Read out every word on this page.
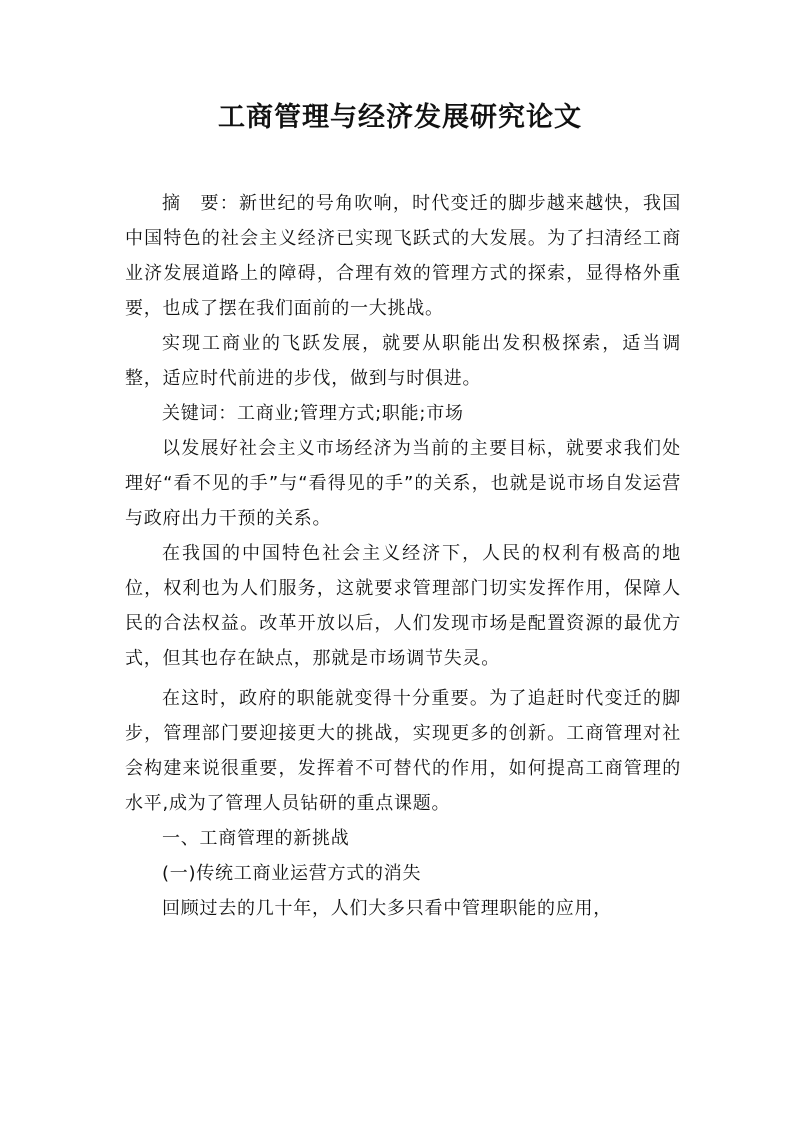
工商管理与经济发展研究论文

摘　要：新世纪的号角吹响，时代变迁的脚步越来越快，我国中国特色的社会主义经济已实现飞跃式的大发展。为了扫清经工商业济发展道路上的障碍，合理有效的管理方式的探索，显得格外重要，也成了摆在我们面前的一大挑战。

实现工商业的飞跃发展，就要从职能出发积极探索，适当调整，适应时代前进的步伐，做到与时俱进。

关键词：工商业;管理方式;职能;市场

以发展好社会主义市场经济为当前的主要目标，就要求我们处理好“看不见的手”与“看得见的手”的关系，也就是说市场自发运营与政府出力干预的关系。

在我国的中国特色社会主义经济下，人民的权利有极高的地位，权利也为人们服务，这就要求管理部门切实发挥作用，保障人民的合法权益。改革开放以后，人们发现市场是配置资源的最优方式，但其也存在缺点，那就是市场调节失灵。

在这时，政府的职能就变得十分重要。为了追赶时代变迁的脚步，管理部门要迎接更大的挑战，实现更多的创新。工商管理对社会构建来说很重要，发挥着不可替代的作用，如何提高工商管理的水平,成为了管理人员钻研的重点课题。

一、工商管理的新挑战

(一)传统工商业运营方式的消失

回顾过去的几十年，人们大多只看中管理职能的应用，
